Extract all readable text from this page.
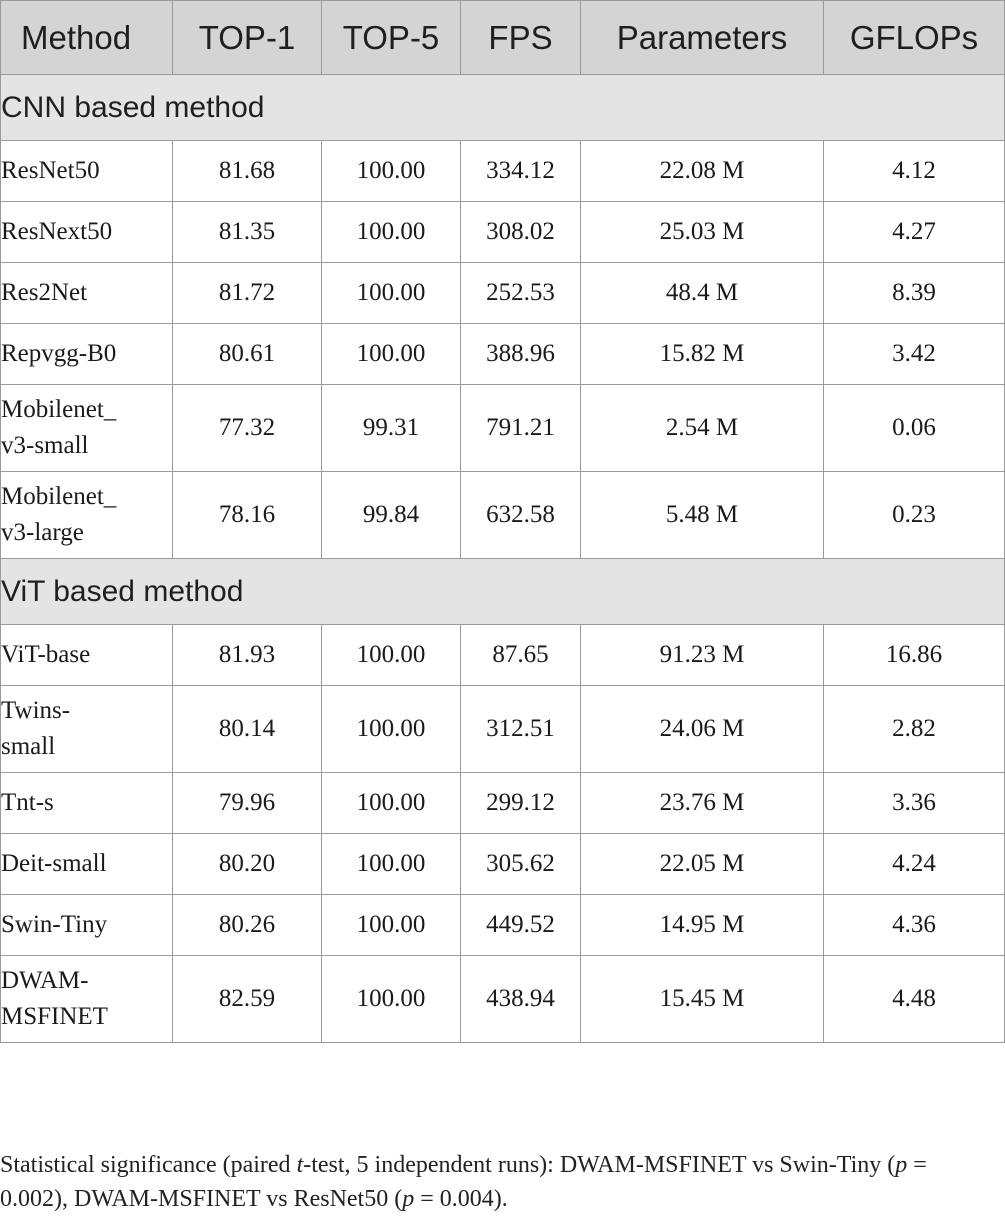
Method	TOP-1	TOP-5	FPS	Parameters	GFLOPs
CNN based method					

ResNet50	81.68	100.00	334.12	22.08 M	4.12

ResNext50	81.35	100.00	308.02	25.03 M	4.27

Res2Net	81.72	100.00	252.53	48.4 M	8.39

Repvgg-B0	80.61	100.00	388.96	15.82 M	3.42

Mobilenet_
v3-small	77.32	99.31	791.21	2.54 M	0.06

Mobilenet_
v3-large	78.16	99.84	632.58	5.48 M	0.23
ViT based method					

ViT-base	81.93	100.00	87.65	91.23 M	16.86

Twins-
small	80.14	100.00	312.51	24.06 M	2.82

Tnt-s	79.96	100.00	299.12	23.76 M	3.36

Deit-small	80.20	100.00	305.62	22.05 M	4.24

Swin-Tiny	80.26	100.00	449.52	14.95 M	4.36

DWAM-
MSFINET	82.59	100.00	438.94	15.45 M	4.48
Statistical significance (paired t-test, 5 independent runs): DWAM-MSFINET vs Swin-Tiny (p = 0.002), DWAM-MSFINET vs ResNet50 (p = 0.004).
